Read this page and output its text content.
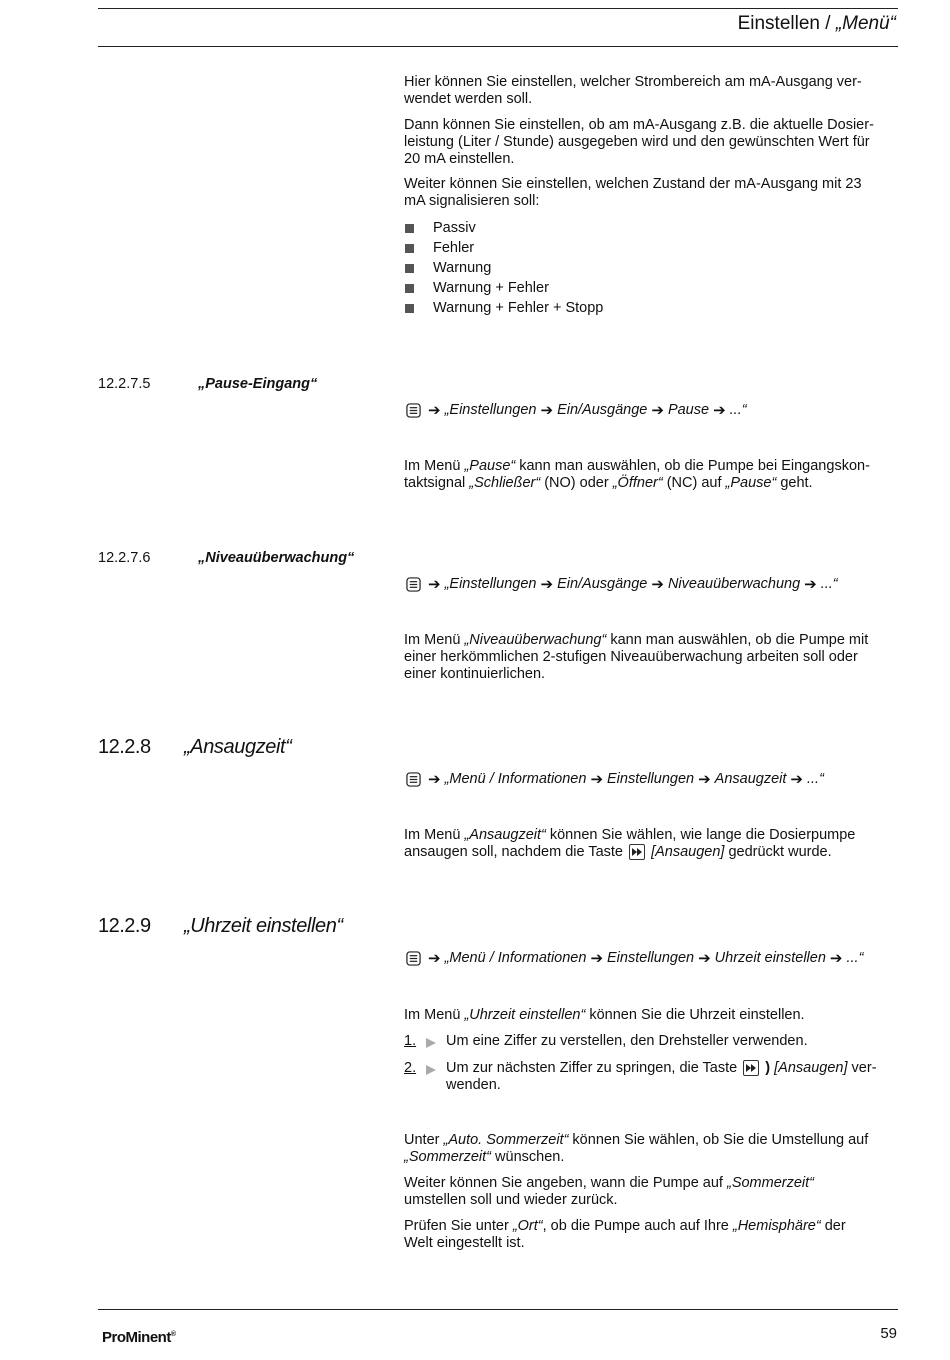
Einstellen / „Menü“

Hier können Sie einstellen, welcher Strombereich am mA-Ausgang ver-
wendet werden soll.

Dann können Sie einstellen, ob am mA-Ausgang z.B. die aktuelle Dosier-
leistung (Liter / Stunde) ausgegeben wird und den gewünschten Wert für
20 mA einstellen.

Weiter können Sie einstellen, welchen Zustand der mA-Ausgang mit 23
mA signalisieren soll:

Passiv
Fehler
Warnung
Warnung + Fehler
Warnung + Fehler + Stopp
12.2.7.5	„Pause-Eingang“
➔ „Einstellungen ➔ Ein/Ausgänge ➔ Pause ➔ ...“
Im Menü „Pause“ kann man auswählen, ob die Pumpe bei Eingangskon-
taktsignal „Schließer“ (NO) oder „Öffner“ (NC) auf „Pause“ geht.
12.2.7.6	„Niveauüberwachung“
➔ „Einstellungen ➔ Ein/Ausgänge ➔ Niveauüberwachung ➔ ...“
Im Menü „Niveauüberwachung“ kann man auswählen, ob die Pumpe mit
einer herkömmlichen 2-stufigen Niveauüberwachung arbeiten soll oder
einer kontinuierlichen.
12.2.8 „Ansaugzeit“
➔ „Menü / Informationen ➔ Einstellungen ➔ Ansaugzeit ➔ ...“
Im Menü „Ansaugzeit“ können Sie wählen, wie lange die Dosierpumpe
ansaugen soll, nachdem die Taste
[Ansaugen] gedrückt wurde.
12.2.9 „Uhrzeit einstellen“
➔ „Menü / Informationen ➔ Einstellungen ➔ Uhrzeit einstellen ➔ ...“
Im Menü „Uhrzeit einstellen“ können Sie die Uhrzeit einstellen.
1.	Um eine Ziffer zu verstellen, den Drehsteller verwenden.
2.	Um zur nächsten Ziffer zu springen, die Taste
) [Ansaugen] ver-
wenden.
Unter „Auto. Sommerzeit“ können Sie wählen, ob Sie die Umstellung auf
„Sommerzeit“ wünschen.
Weiter können Sie angeben, wann die Pumpe auf „Sommerzeit“
umstellen soll und wieder zurück.
Prüfen Sie unter „Ort“, ob die Pumpe auch auf Ihre „Hemisphäre“ der
Welt eingestellt ist.
ProMinent®	59
